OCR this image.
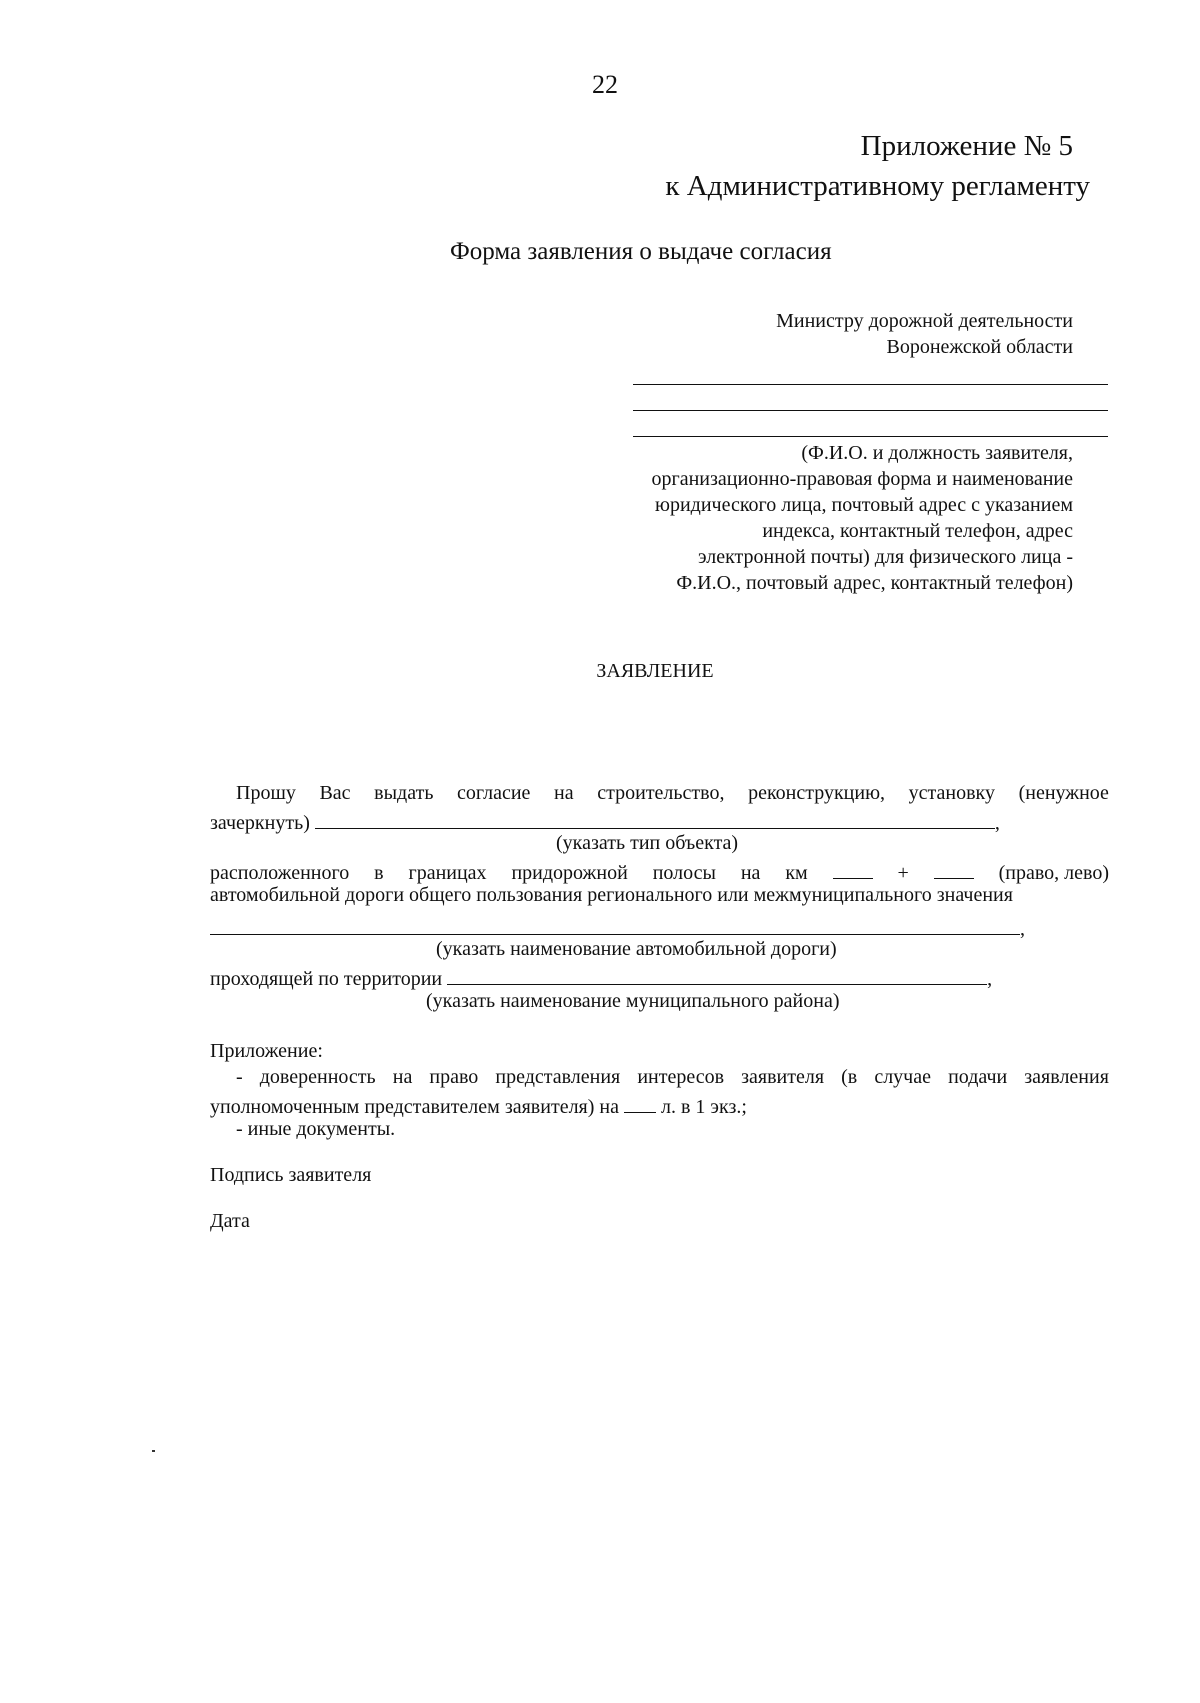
22
Приложение № 5
к Административному регламенту
Форма заявления о выдаче согласия
Министру дорожной деятельности
Воронежской области
(Ф.И.О. и должность заявителя,
организационно-правовая форма и наименование
юридического лица, почтовый адрес с указанием
индекса, контактный телефон, адрес
электронной почты) для физического лица -
Ф.И.О., почтовый адрес, контактный телефон)
ЗАЯВЛЕНИЕ
Прошу Вас выдать согласие на строительство, реконструкцию, установку (ненужное
зачеркнуть)	,
(указать тип объекта)
расположенного в границах придорожной полосы на км	+	(право, лево)
автомобильной дороги общего пользования регионального или межмуниципального значения
,
(указать наименование автомобильной дороги)
проходящей по территории	,
(указать наименование муниципального района)
Приложение:
- доверенность на право представления интересов заявителя (в случае подачи заявления
уполномоченным представителем заявителя) на л. в 1 экз.;
- иные документы.
Подпись заявителя
Дата
